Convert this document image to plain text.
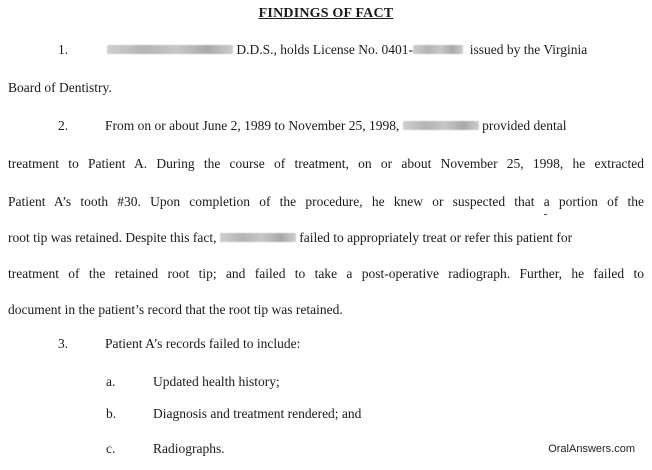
FINDINGS OF FACT
1.	D.D.S., holds License No. 0401-	issued by the Virginia
Board of Dentistry.
2.	From on or about June 2, 1989 to November 25, 1998,	provided dental
treatment to Patient A. During the course of treatment, on or about November 25, 1998, he extracted
Patient A’s tooth #30. Upon completion of the procedure, he knew or suspected that a portion of the
root tip was retained. Despite this fact,	failed to appropriately treat or refer this patient for
treatment of the retained root tip; and failed to take a post-operative radiograph. Further, he failed to
document in the patient’s record that the root tip was retained.
3.	Patient A’s records failed to include:
a.	Updated health history;
b.	Diagnosis and treatment rendered; and
c.	Radiographs.	OralAnswers.com
